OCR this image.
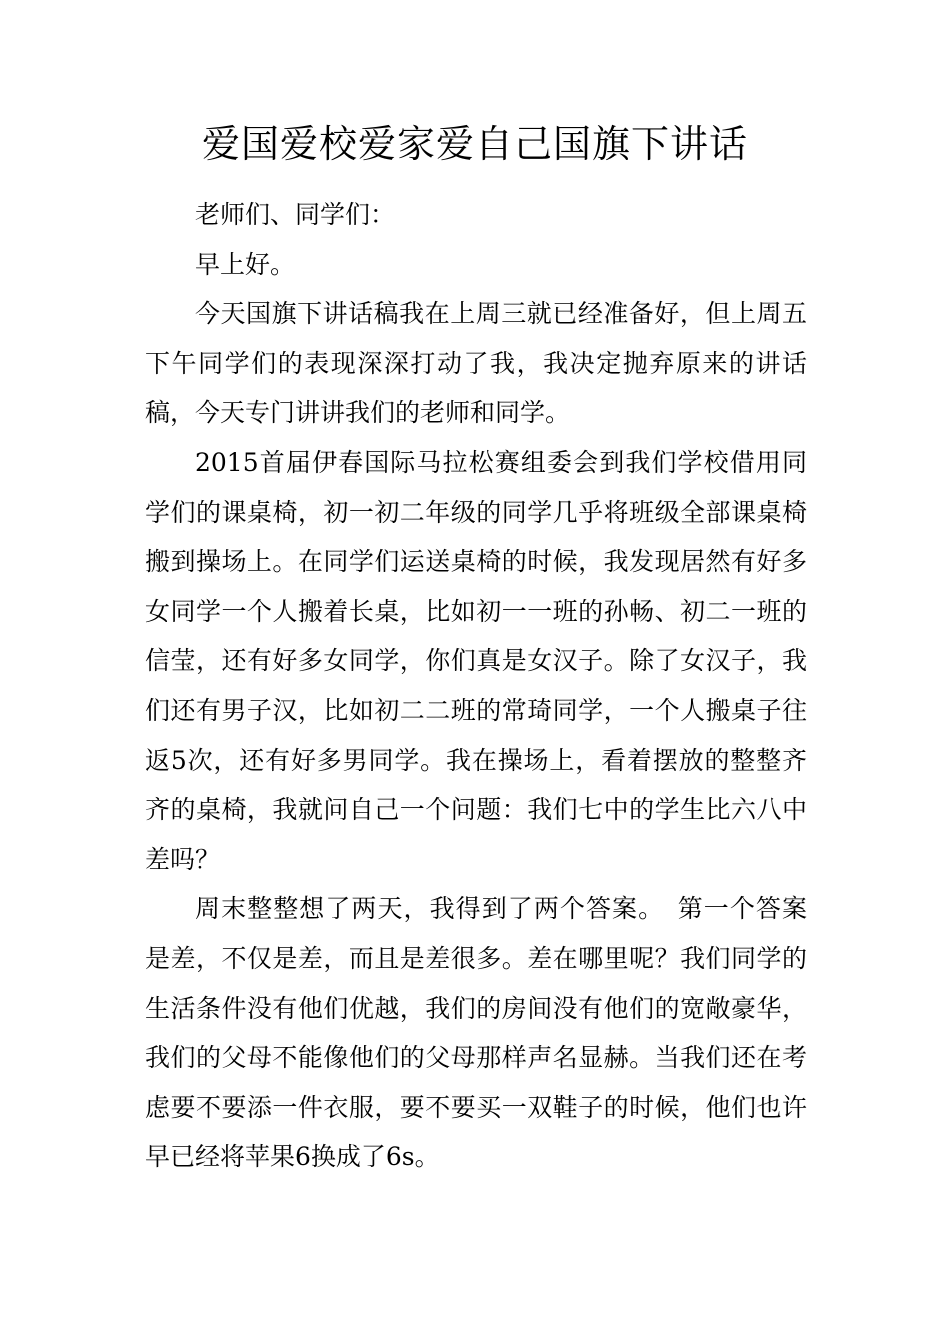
爱国爱校爱家爱自己国旗下讲话

老师们、同学们：

早上好。

今天国旗下讲话稿我在上周三就已经准备好，但上周五下午同学们的表现深深打动了我，我决定抛弃原来的讲话稿，今天专门讲讲我们的老师和同学。

2015首届伊春国际马拉松赛组委会到我们学校借用同学们的课桌椅，初一初二年级的同学几乎将班级全部课桌椅搬到操场上。在同学们运送桌椅的时候，我发现居然有好多女同学一个人搬着长桌，比如初一一班的孙畅、初二一班的信莹，还有好多女同学，你们真是女汉子。除了女汉子，我们还有男子汉，比如初二二班的常琦同学，一个人搬桌子往返5次，还有好多男同学。我在操场上，看着摆放的整整齐齐的桌椅，我就问自己一个问题：我们七中的学生比六八中差吗？

周末整整想了两天，我得到了两个答案。　第一个答案是差，不仅是差，而且是差很多。差在哪里呢？我们同学的生活条件没有他们优越，我们的房间没有他们的宽敞豪华，我们的父母不能像他们的父母那样声名显赫。当我们还在考虑要不要添一件衣服，要不要买一双鞋子的时候，他们也许早已经将苹果6换成了6s。
